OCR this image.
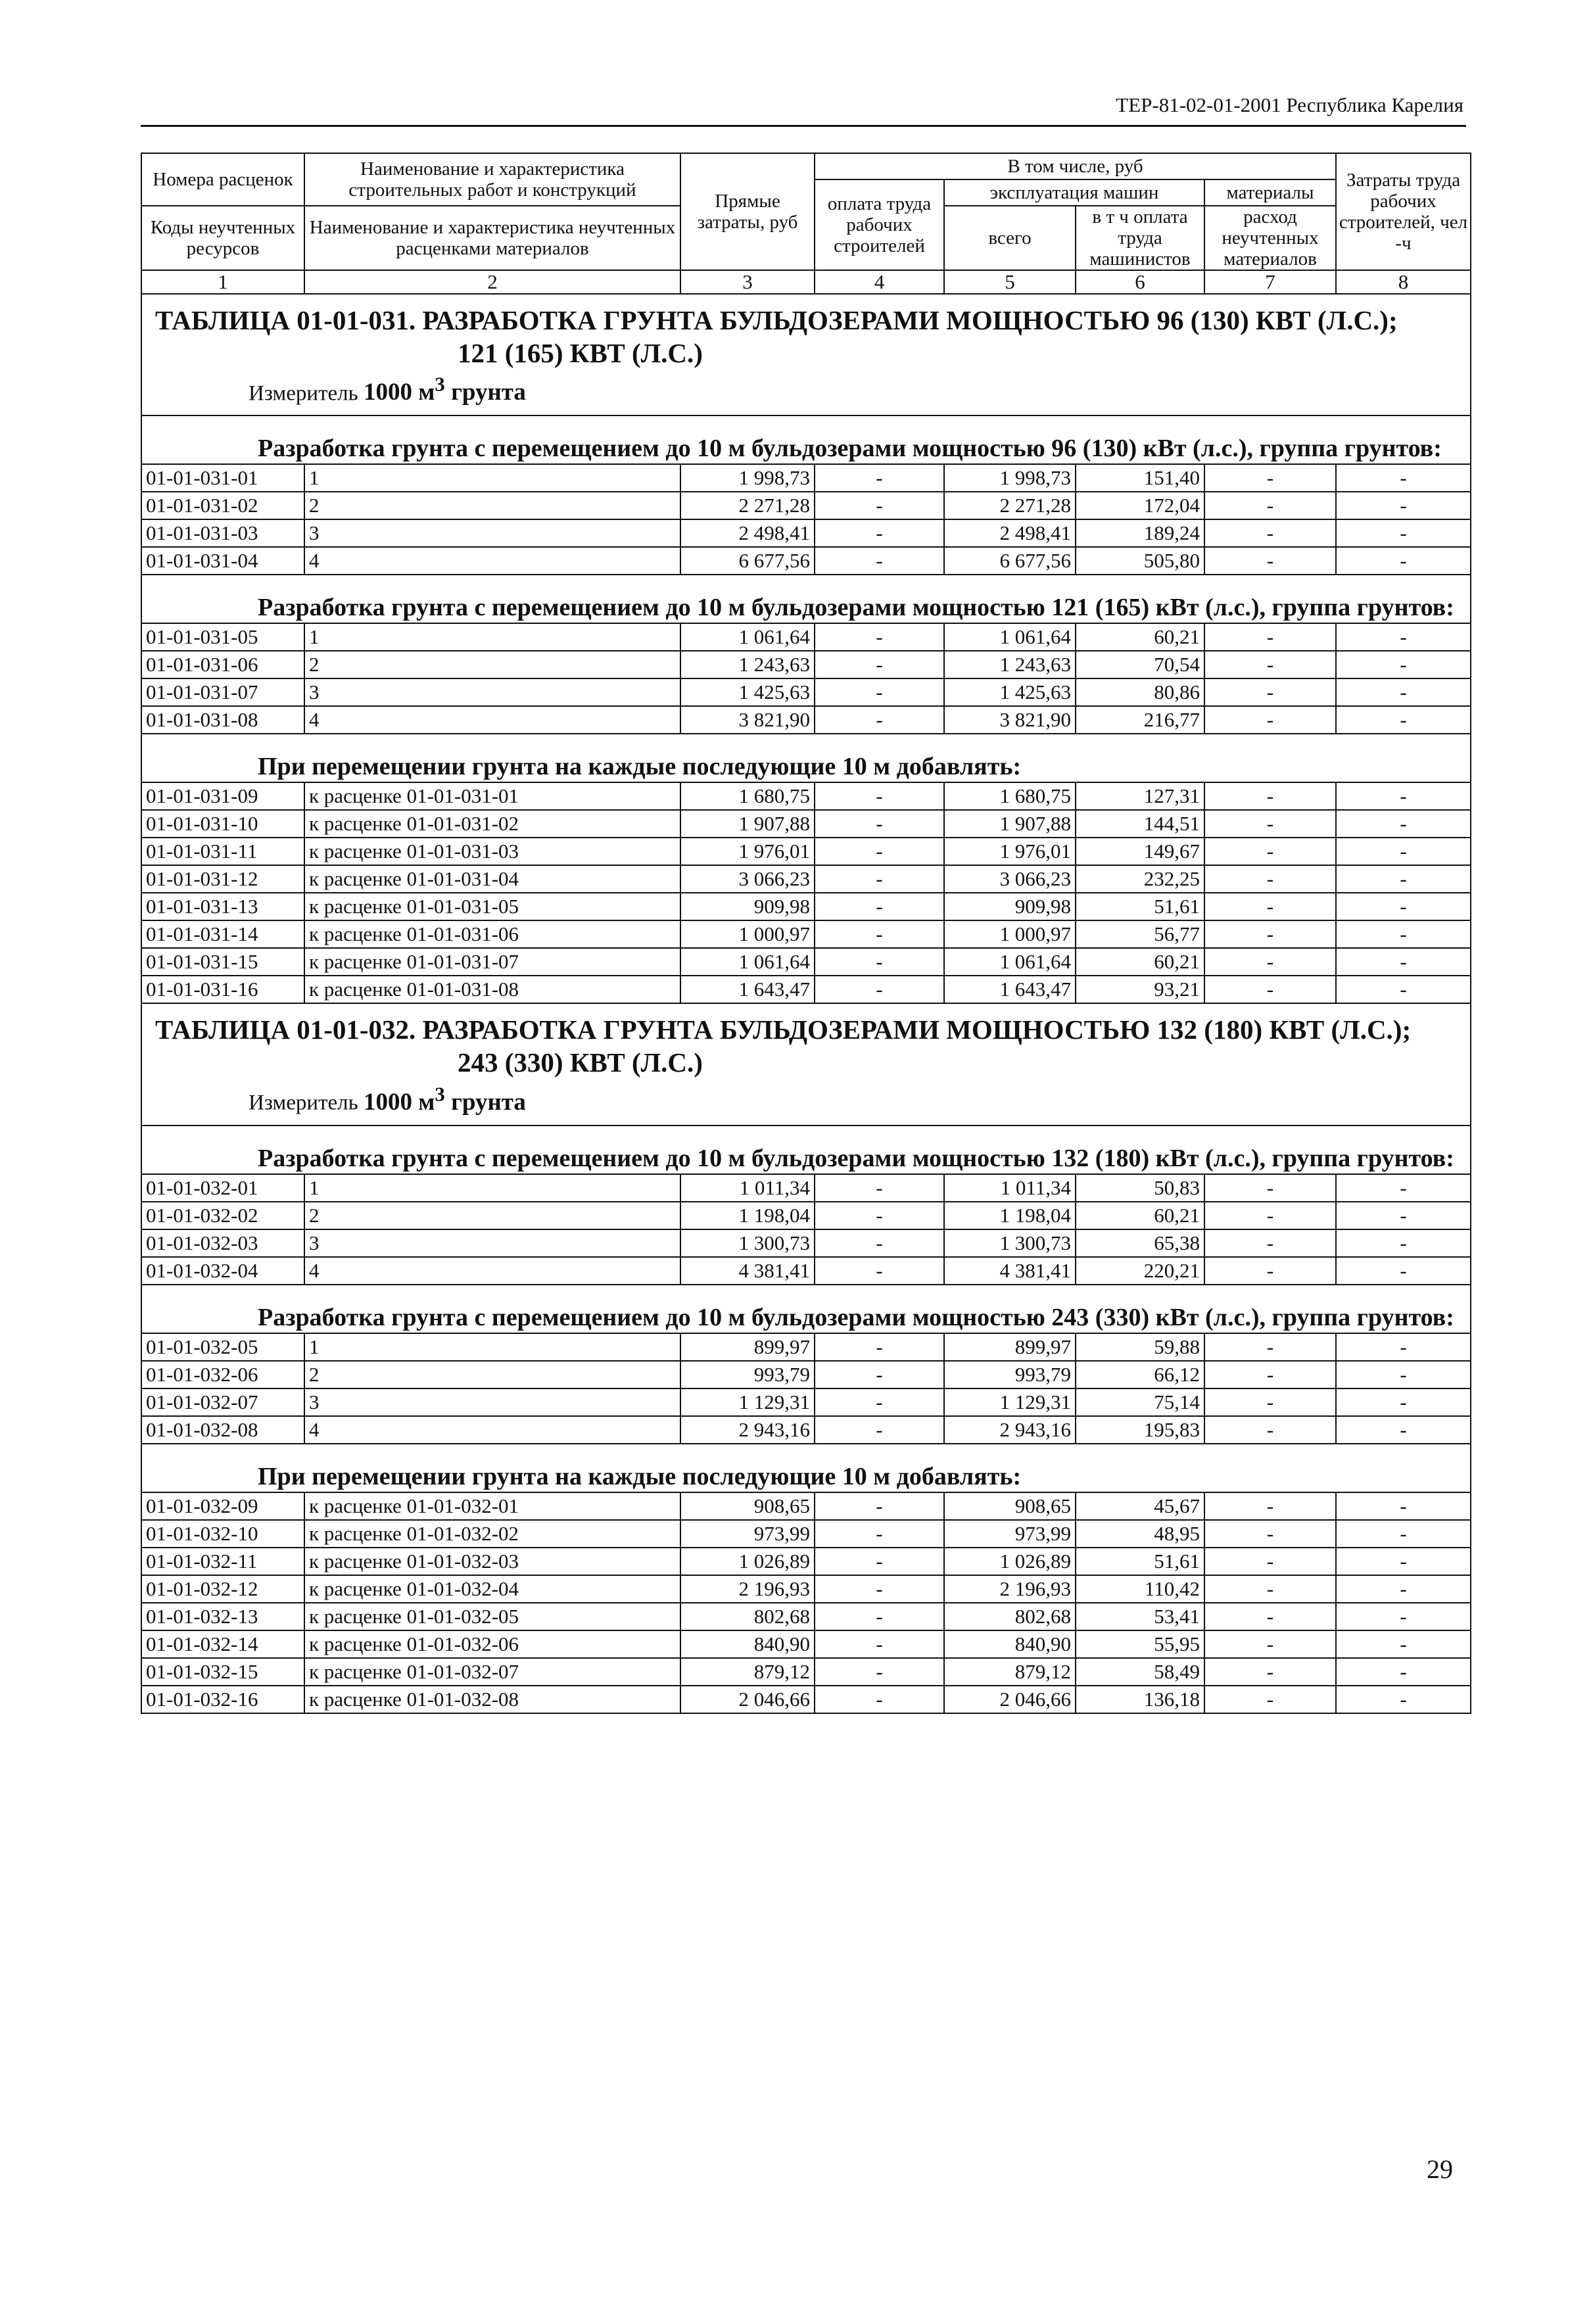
ТЕР-81-02-01-2001 Республика Карелия
Номера расценок	Наименование и характеристика строительных работ и конструкций	Прямые затраты, руб	В том числе, руб				Затраты труда рабочих строителей, чел -ч
			оплата труда рабочих строителей	эксплуатация машин		материалы	
Коды неучтенных ресурсов	Наименование и характеристика неучтенных расценками материалов			всего	в т ч оплата труда машинистов	расход неучтенных материалов	

1	2	3	4	5	6	7	8

ТАБЛИЦА 01-01-031. РАЗРАБОТКА ГРУНТА БУЛЬДОЗЕРАМИ МОЩНОСТЬЮ 96 (130) КВТ (Л.С.);
121 (165) КВТ (Л.С.)
Измеритель 1000 $м^3$ грунта							

Разработка грунта с перемещением до 10 м бульдозерами мощностью 96 (130) кВт (л.с.), группа грунтов:							
01-01-031-01	1	1 998,73	-	1 998,73	151,40	-	-
01-01-031-02	2	2 271,28	-	2 271,28	172,04	-	-
01-01-031-03	3	2 498,41	-	2 498,41	189,24	-	-
01-01-031-04	4	6 677,56	-	6 677,56	505,80	-	-
Разработка грунта с перемещением до 10 м бульдозерами мощностью 121 (165) кВт (л.с.), группа грунтов:							
01-01-031-05	1	1 061,64	-	1 061,64	60,21	-	-
01-01-031-06	2	1 243,63	-	1 243,63	70,54	-	-
01-01-031-07	3	1 425,63	-	1 425,63	80,86	-	-
01-01-031-08	4	3 821,90	-	3 821,90	216,77	-	-
При перемещении грунта на каждые последующие 10 м добавлять:							
01-01-031-09	к расценке 01-01-031-01	1 680,75	-	1 680,75	127,31	-	-
01-01-031-10	к расценке 01-01-031-02	1 907,88	-	1 907,88	144,51	-	-
01-01-031-11	к расценке 01-01-031-03	1 976,01	-	1 976,01	149,67	-	-
01-01-031-12	к расценке 01-01-031-04	3 066,23	-	3 066,23	232,25	-	-
01-01-031-13	к расценке 01-01-031-05	909,98	-	909,98	51,61	-	-
01-01-031-14	к расценке 01-01-031-06	1 000,97	-	1 000,97	56,77	-	-
01-01-031-15	к расценке 01-01-031-07	1 061,64	-	1 061,64	60,21	-	-
01-01-031-16	к расценке 01-01-031-08	1 643,47	-	1 643,47	93,21	-	-

ТАБЛИЦА 01-01-032. РАЗРАБОТКА ГРУНТА БУЛЬДОЗЕРАМИ МОЩНОСТЬЮ 132 (180) КВТ (Л.С.);
243 (330) КВТ (Л.С.)
Измеритель 1000 $м^3$ грунта							

Разработка грунта с перемещением до 10 м бульдозерами мощностью 132 (180) кВт (л.с.), группа грунтов:							
01-01-032-01	1	1 011,34	-	1 011,34	50,83	-	-
01-01-032-02	2	1 198,04	-	1 198,04	60,21	-	-
01-01-032-03	3	1 300,73	-	1 300,73	65,38	-	-
01-01-032-04	4	4 381,41	-	4 381,41	220,21	-	-
Разработка грунта с перемещением до 10 м бульдозерами мощностью 243 (330) кВт (л.с.), группа грунтов:							
01-01-032-05	1	899,97	-	899,97	59,88	-	-
01-01-032-06	2	993,79	-	993,79	66,12	-	-
01-01-032-07	3	1 129,31	-	1 129,31	75,14	-	-
01-01-032-08	4	2 943,16	-	2 943,16	195,83	-	-
При перемещении грунта на каждые последующие 10 м добавлять:							
01-01-032-09	к расценке 01-01-032-01	908,65	-	908,65	45,67	-	-
01-01-032-10	к расценке 01-01-032-02	973,99	-	973,99	48,95	-	-
01-01-032-11	к расценке 01-01-032-03	1 026,89	-	1 026,89	51,61	-	-
01-01-032-12	к расценке 01-01-032-04	2 196,93	-	2 196,93	110,42	-	-
01-01-032-13	к расценке 01-01-032-05	802,68	-	802,68	53,41	-	-
01-01-032-14	к расценке 01-01-032-06	840,90	-	840,90	55,95	-	-
01-01-032-15	к расценке 01-01-032-07	879,12	-	879,12	58,49	-	-
01-01-032-16	к расценке 01-01-032-08	2 046,66	-	2 046,66	136,18	-	-
29
